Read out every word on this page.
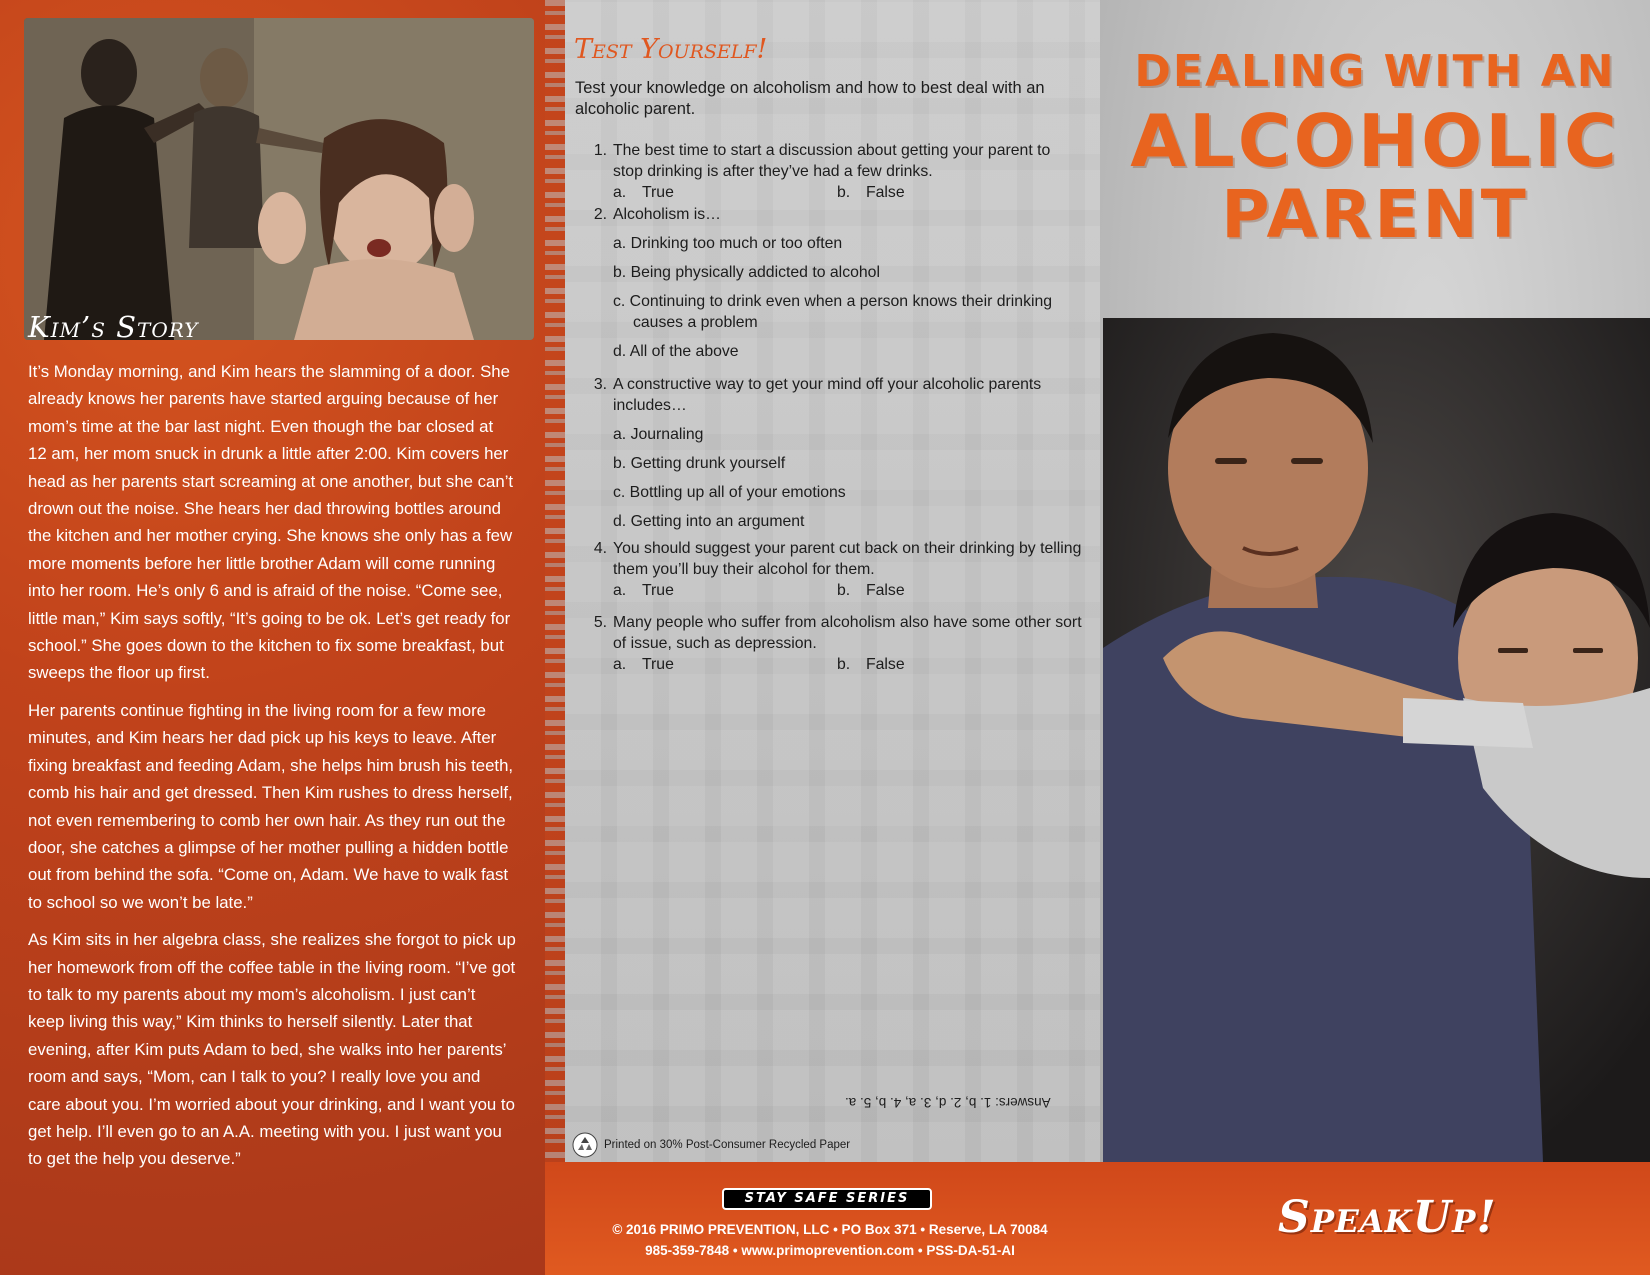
Kim’s Story

It’s Monday morning, and Kim hears the slamming of a door. She already knows her parents have started arguing because of her mom’s time at the bar last night. Even though the bar closed at 12 am, her mom snuck in drunk a little after 2:00. Kim covers her head as her parents start screaming at one another, but she can’t drown out the noise. She hears her dad throwing bottles around the kitchen and her mother crying. She knows she only has a few more moments before her little brother Adam will come running into her room. He’s only 6 and is afraid of the noise. “Come see, little man,” Kim says softly, “It’s going to be ok. Let’s get ready for school.” She goes down to the kitchen to fix some breakfast, but sweeps the floor up first.

Her parents continue fighting in the living room for a few more minutes, and Kim hears her dad pick up his keys to leave. After fixing breakfast and feeding Adam, she helps him brush his teeth, comb his hair and get dressed. Then Kim rushes to dress herself, not even remembering to comb her own hair. As they run out the door, she catches a glimpse of her mother pulling a hidden bottle out from behind the sofa. “Come on, Adam. We have to walk fast to school so we won’t be late.”

As Kim sits in her algebra class, she realizes she forgot to pick up her homework from off the coffee table in the living room. “I’ve got to talk to my parents about my mom’s alcoholism. I just can’t keep living this way,” Kim thinks to herself silently. Later that evening, after Kim puts Adam to bed, she walks into her parents’ room and says, “Mom, can I talk to you? I really love you and care about you. I’m worried about your drinking, and I want you to get help. I’ll even go to an A.A. meeting with you. I just want you to get the help you deserve.”

Test Yourself!
Test your knowledge on alcoholism and how to best deal with an alcoholic parent.
1. The best time to start a discussion about getting your parent to stop drinking is after they’ve had a few drinks.
a. True	b. False
2. Alcoholism is…
a. Drinking too much or too often
b. Being physically addicted to alcohol
c. Continuing to drink even when a person knows their drinking
causes a problem
d. All of the above
3. A constructive way to get your mind off your alcoholic parents includes…
a. Journaling
b. Getting drunk yourself
c. Bottling up all of your emotions
d. Getting into an argument
4. You should suggest your parent cut back on their drinking by telling them you’ll buy their alcohol for them.
a. True	b. False
5. Many people who suffer from alcoholism also have some other sort of issue, such as depression.
a. True	b. False
Answers: 1. b, 2. d, 3. a, 4. b, 5. a.
Printed on 30% Post-Consumer Recycled Paper
STAY SAFE SERIES
© 2016 PRIMO PREVENTION, LLC • PO Box 371 • Reserve, LA 70084
985-359-7848 • www.primoprevention.com • PSS-DA-51-AI
SpeakUp!
DEALING WITH AN
ALCOHOLIC
PARENT
